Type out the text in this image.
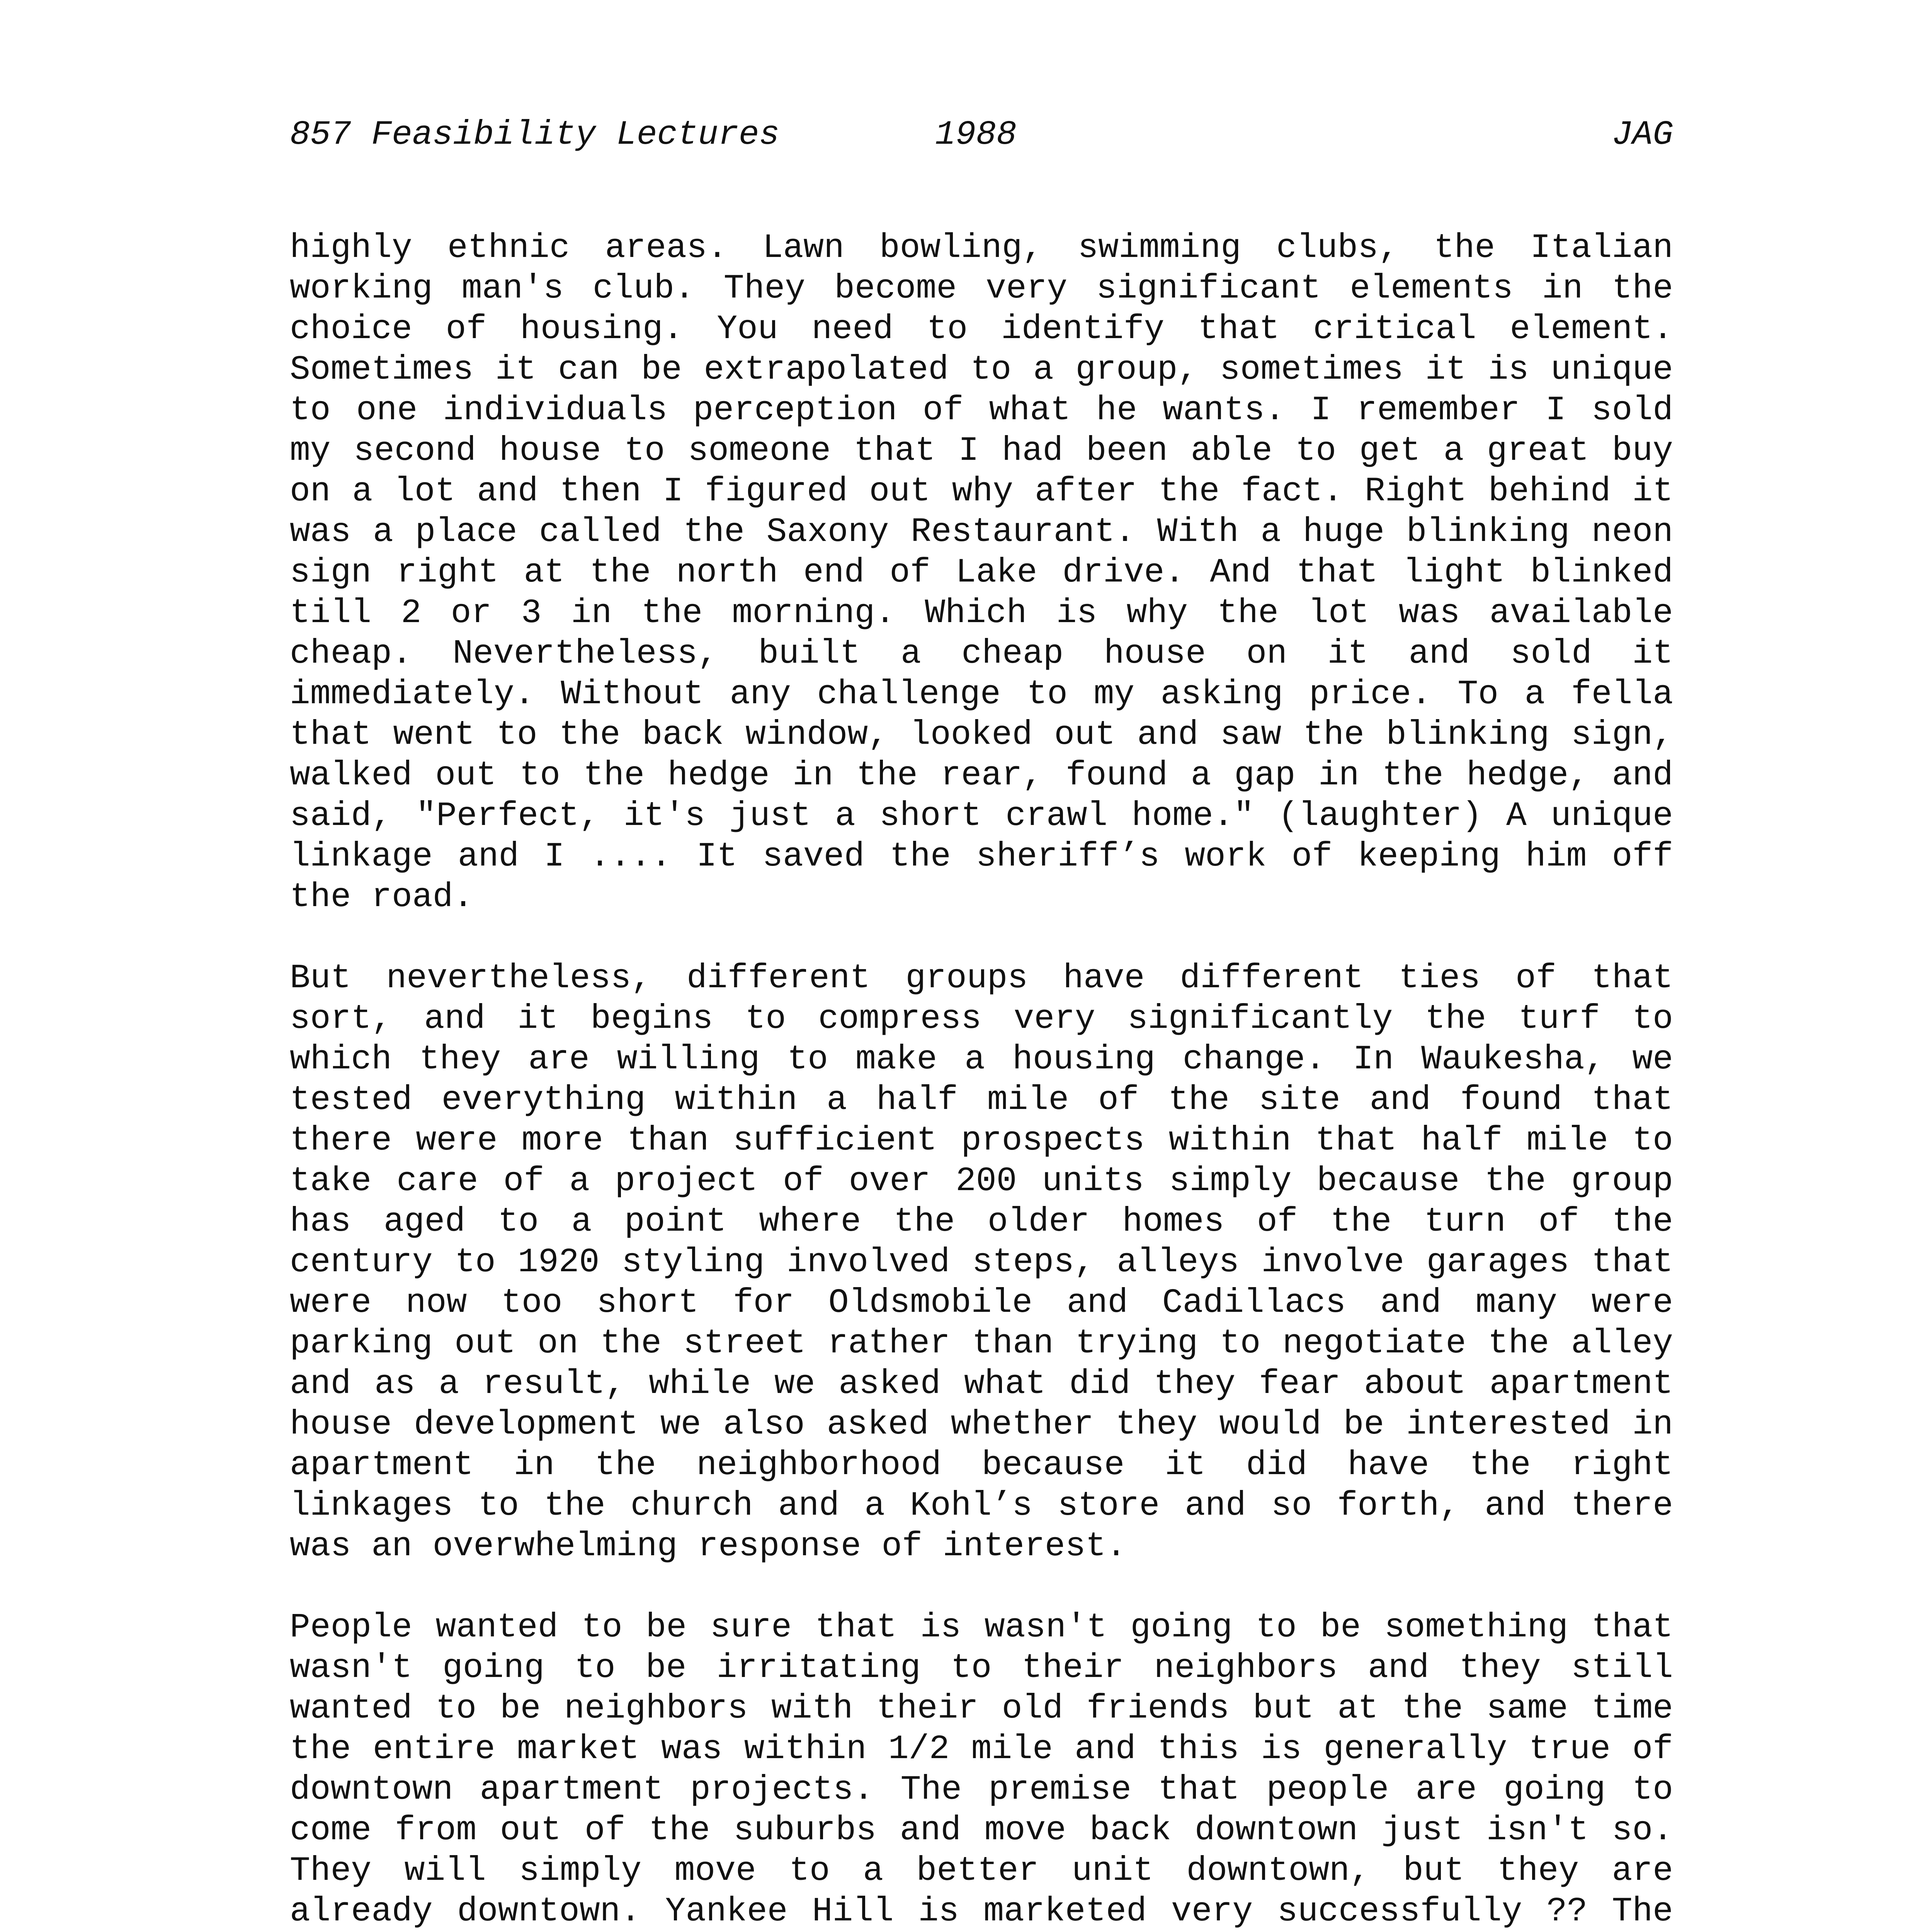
857 Feasibility Lectures	1988	JAG

highly ethnic areas. Lawn bowling, swimming clubs, the Italian working man's club. They become very significant elements in the choice of housing. You need to identify that critical element. Sometimes it can be extrapolated to a group, sometimes it is unique to one individuals perception of what he wants. I remember I sold my second house to someone that I had been able to get a great buy on a lot and then I figured out why after the fact. Right behind it was a place called the Saxony Restaurant. With a huge blinking neon sign right at the north end of Lake drive. And that light blinked till 2 or 3 in the morning. Which is why the lot was available cheap. Nevertheless, built a cheap house on it and sold it immediately. Without any challenge to my asking price. To a fella that went to the back window, looked out and saw the blinking sign, walked out to the hedge in the rear, found a gap in the hedge, and said, "Perfect, it's just a short crawl home." (laughter) A unique linkage and I .... It saved the sheriff’s work of keeping him off the road.

But nevertheless, different groups have different ties of that sort, and it begins to compress very significantly the turf to which they are willing to make a housing change. In Waukesha, we tested everything within a half mile of the site and found that there were more than sufficient prospects within that half mile to take care of a project of over 200 units simply because the group has aged to a point where the older homes of the turn of the century to 1920 styling involved steps, alleys involve garages that were now too short for Oldsmobile and Cadillacs and many were parking out on the street rather than trying to negotiate the alley and as a result, while we asked what did they fear about apartment house development we also asked whether they would be interested in apartment in the neighborhood because it did have the right linkages to the church and a Kohl’s store and so forth, and there was an overwhelming response of interest.

People wanted to be sure that is wasn't going to be something that wasn't going to be irritating to their neighbors and they still wanted to be neighbors with their old friends but at the same time the entire market was within 1/2 mile and this is generally true of downtown apartment projects. The premise that people are going to come from out of the suburbs and move back downtown just isn't so. They will simply move to a better unit downtown, but they are already downtown. Yankee Hill is marketed very successfully ?? The
